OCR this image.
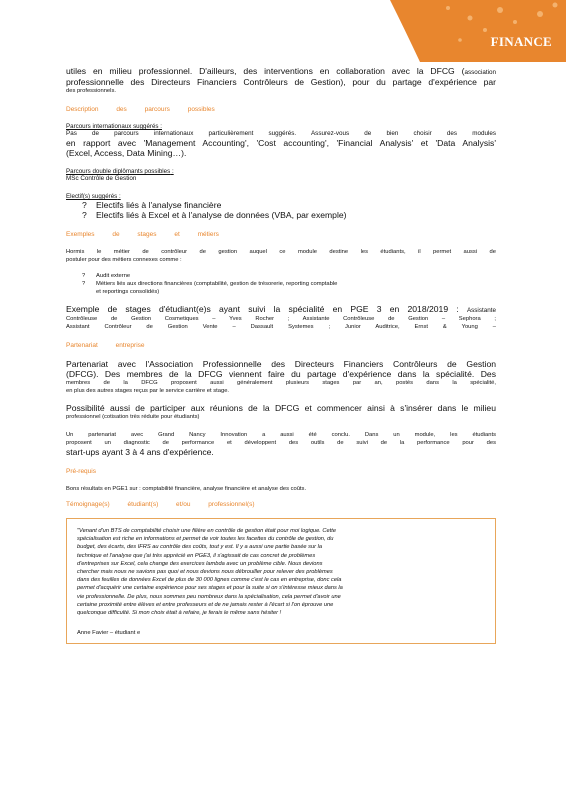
FINANCE

utiles en milieu professionnel. D'ailleurs, des interventions en collaboration avec la DFCG (association

professionnelle des Directeurs Financiers Contrôleurs de Gestion), pour du partage d'expérience par

des professionnels.

Description des parcours possibles

Parcours internationaux suggérés :

Pas de parcours internationaux particulièrement suggérés. Assurez-vous de bien choisir des modules

en rapport avec 'Management Accounting', 'Cost accounting', 'Financial Analysis' et 'Data Analysis'

(Excel, Access, Data Mining…).

Parcours double diplômants possibles :

MSc Contrôle de Gestion

Electif(s) suggérés :

? Electifs liés à l'analyse financière

? Electifs liés à Excel et à l'analyse de données (VBA, par exemple)

Exemples de stages et métiers

Hormis le métier de contrôleur de gestion auquel ce module destine les étudiants, il permet aussi de

postuler pour des métiers connexes comme :

? Audit externe

? Métiers liés aux directions financières (comptabilité, gestion de trésorerie, reporting comptable

et reportings consolidés)

Exemple de stages d'étudiant(e)s ayant suivi la spécialité en PGE 3 en 2018/2019 : Assistante

Contrôleuse de Gestion Cosmetiques – Yves Rocher ; Assistante Contrôleuse de Gestion – Sephora ;

Assistant Contrôleur de Gestion Vente – Dassault Systemes ; Junior Auditrice, Ernst & Young –

Partenariat entreprise

Partenariat avec l'Association Professionnelle des Directeurs Financiers Contrôleurs de Gestion

(DFCG). Des membres de la DFCG viennent faire du partage d'expérience dans la spécialité. Des

membres de la DFCG proposent aussi généralement plusieurs stages par an, postés dans la spécialité,

en plus des autres stages reçus par le service carrière et stage.

Possibilité aussi de participer aux réunions de la DFCG et commencer ainsi à s'insérer dans le milieu

professionnel (cotisation très réduite pour étudiants)

Un partenariat avec Grand Nancy Innovation a aussi été conclu. Dans un module, les étudiants

proposent un diagnostic de performance et développent des outils de suivi de la performance pour des

start-ups ayant 3 à 4 ans d'expérience.

Pré-requis

Bons résultats en PGE1 sur : comptabilité financière, analyse financière et analyse des coûts.

Témoignage(s) étudiant(s) et/ou professionnel(s)

"Venant d'un BTS de comptabilité choisir une filière en contrôle de gestion était pour moi logique. Cette

spécialisation est riche en informations et permet de voir toutes les facettes du contrôle de gestion, du

budget, des écarts, des IFRS au contrôle des coûts, tout y est. Il y a aussi une partie basée sur la

technique et l'analyse que j'ai très apprécié en PGE3, il s'agissait de cas concret de problèmes

d'entreprises sur Excel, cela change des exercices lambda avec un problème cible. Nous devions

chercher mais nous ne savions pas quoi et nous devions nous débrouiller pour relever des problèmes

dans des feuilles de données Excel de plus de 30 000 lignes comme c'est le cas en entreprise, donc cela

permet d'acquérir une certaine expérience pour ses stages et pour la suite si on s'intéresse mieux dans la

vie professionnelle. De plus, nous sommes peu nombreux dans la spécialisation, cela permet d'avoir une

certaine proximité entre élèves et entre professeurs et de ne jamais rester à l'écart si l'on éprouve une

quelconque difficulté. Si mon choix était à refaire, je ferais le même sans hésiter !

Anne Favier – étudiant e
